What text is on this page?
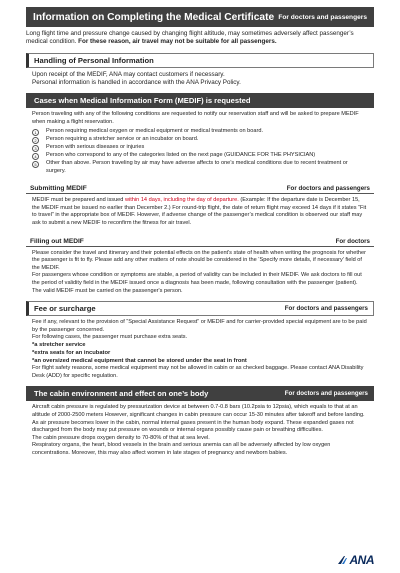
Information on Completing the Medical Certificate For doctors and passengers

Long flight time and pressure change caused by changing flight altitude, may sometimes adversely affect passenger’s medical condition. For these reason, air travel may not be suitable for all passengers.

Handling of Personal Information

Upon receipt of the MEDIF, ANA may contact customers if necessary.

Personal information is handled in accordance with the ANA Privacy Policy.

Cases when Medical Information Form (MEDIF) is requested

Person traveling with any of the following conditions are requested to notify our reservation staff and will be asked to prepare MEDIF when making a flight reservation.

1	Person requiring medical oxygen or medical equipment or medical treatments on board.
2	Person requiring a stretcher service or an incubator on board.
3	Person with serious diseases or injuries
4	Person who correspond to any of the categories listed on the next page (GUIDANCE FOR THE PHYSICIAN)
5	Other than above. Person traveling by air may have adverse affects to one’s medical conditions due to recent treatment or surgery.
Submitting MEDIF	For doctors and passengers

MEDIF must be prepared and issued within 14 days, including the day of departure. (Example: If the departure date is December 15, the MEDIF must be issued no earlier than December 2.) For round-trip flight, the date of return flight may exceed 14 days if it states “Fit to travel” in the appropriate box of MEDIF. However, if adverse change of the passenger’s medical condition is observed our staff may ask to submit a new MEDIF to reconfirm the fitness for air travel.

Filling out MEDIF	For doctors

Please consider the travel and itinerary and their potential effects on the patient's state of health when writing the prognosis for whether the passenger is fit to fly. Please add any other matters of note should be considered in the ‘Specify more details, if necessary’ field of the MEDIF.

For passengers whose condition or symptoms are stable, a period of validity can be included in their MEDIF. We ask doctors to fill out the period of validity field in the MEDIF issued once a diagnosis has been made, following consultation with the passenger (patient). The valid MEDIF must be carried on the passenger's person.

Fee or surcharge	For doctors and passengers

Fee if any, relevant to the provision of “Special Assistance Request” or MEDIF and for carrier-provided special equipment are to be paid by the passenger concerned.

For following cases, the passenger must purchase extra seats.

*a stretcher service

*extra seats for an incubator

*an oversized medical equipment that cannot be stored under the seat in front

For flight safety reasons, some medical equipment may not be allowed in cabin or as checked baggage. Please contact ANA Disability Desk (ADD) for specific regulation.

The cabin environment and effect on one’s body	For doctors and passengers

Aircraft cabin pressure is regulated by pressurization device at between 0.7-0.8 bars (10.2psia to 12psia), which equals to that at an altitude of 2000-2500 meters However, significant changes in cabin pressure can occur 15-30 minutes after takeoff and before landing.

As air pressure becomes lower in the cabin, normal internal gases present in the human body expand. These expanded gases not discharged from the body may put pressure on wounds or internal organs possibly cause pain or breathing difficulties.

The cabin pressure drops oxygen density to 70-80% of that at sea level.

Respiratory organs, the heart, blood vessels in the brain and serious anemia can all be adversely affected by low oxygen concentrations. Moreover, this may also affect women in late stages of pregnancy and newborn babies.

ANA
